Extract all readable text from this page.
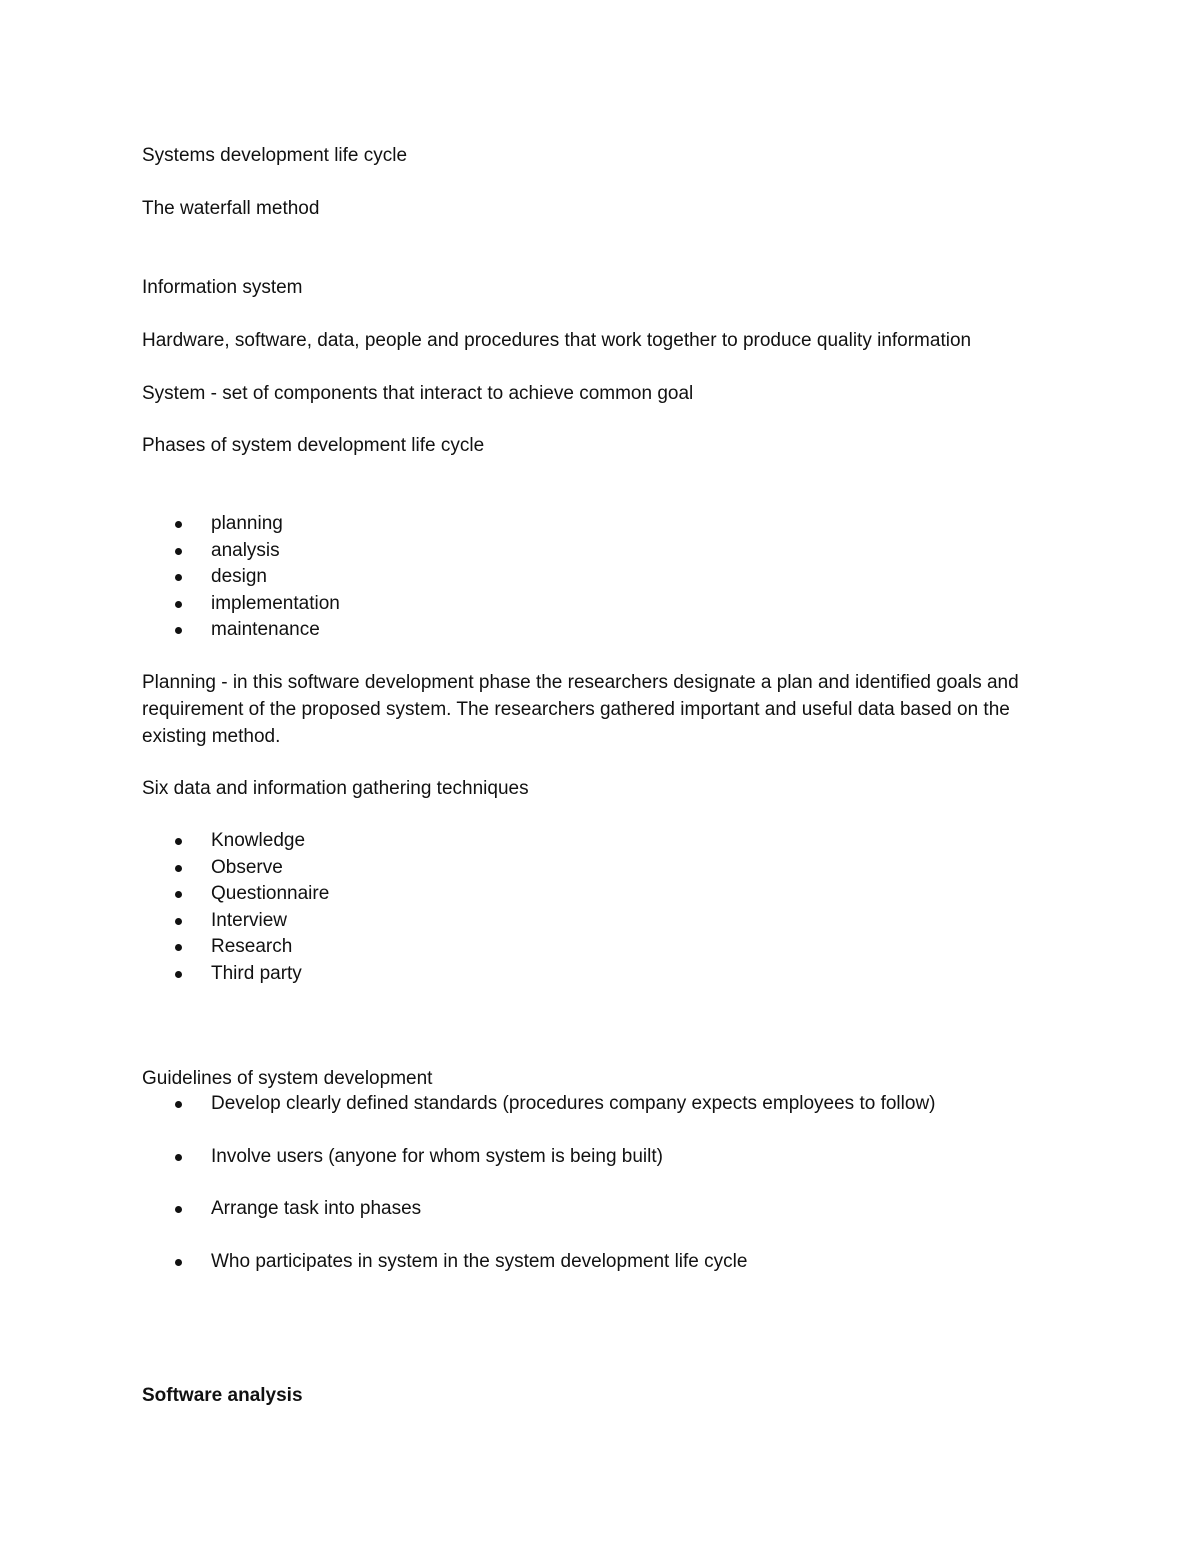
Systems development life cycle

The waterfall method

Information system

Hardware, software, data, people and procedures that work together to produce quality information

System - set of components that interact to achieve common goal

Phases of system development life cycle

planning
analysis
design
implementation
maintenance

Planning - in this software development phase the researchers designate a plan and identified goals and requirement of the proposed system. The researchers gathered important and useful data based on the existing method.

Six data and information gathering techniques

Knowledge
Observe
Questionnaire
Interview
Research
Third party

Guidelines of system development

Develop clearly defined standards (procedures company expects employees to follow)
Involve users (anyone for whom system is being built)
Arrange task into phases
Who participates in system in the system development life cycle

Software analysis
